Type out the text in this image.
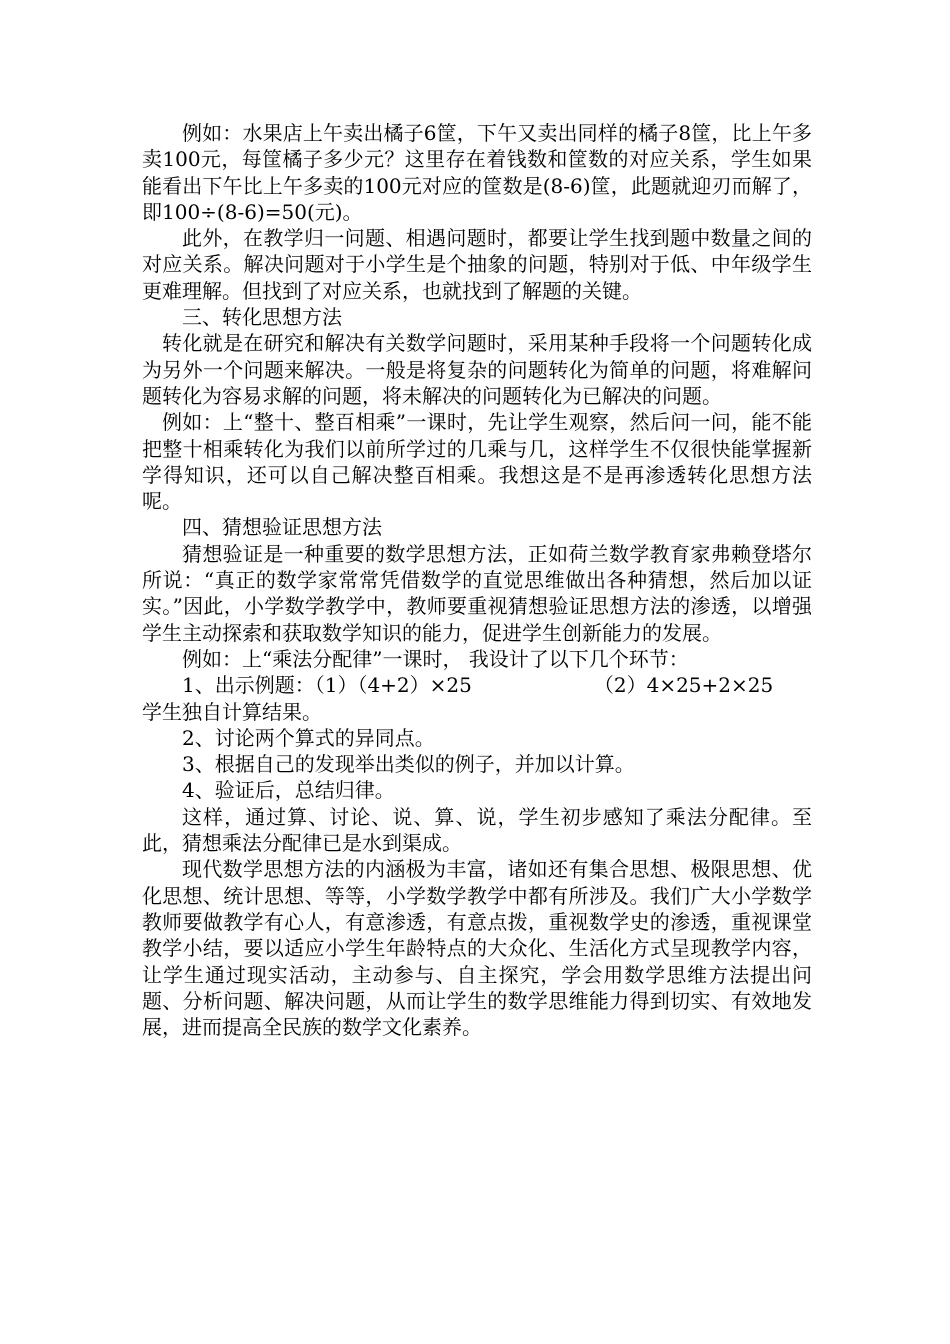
例如：水果店上午卖出橘子6筐，下午又卖出同样的橘子8筐，比上午多卖100元，每筐橘子多少元？这里存在着钱数和筐数的对应关系，学生如果能看出下午比上午多卖的100元对应的筐数是(8-6)筐，此题就迎刃而解了，即100÷(8-6)=50(元)。

此外，在教学归一问题、相遇问题时，都要让学生找到题中数量之间的对应关系。解决问题对于小学生是个抽象的问题，特别对于低、中年级学生更难理解。但找到了对应关系，也就找到了解题的关键。

三、转化思想方法

转化就是在研究和解决有关数学问题时，采用某种手段将一个问题转化成为另外一个问题来解决。一般是将复杂的问题转化为简单的问题，将难解问题转化为容易求解的问题，将未解决的问题转化为已解决的问题。

例如：上“整十、整百相乘”一课时，先让学生观察，然后问一问，能不能把整十相乘转化为我们以前所学过的几乘与几，这样学生不仅很快能掌握新学得知识，还可以自己解决整百相乘。我想这是不是再渗透转化思想方法呢。

四、猜想验证思想方法

猜想验证是一种重要的数学思想方法，正如荷兰数学教育家弗赖登塔尔所说：“真正的数学家常常凭借数学的直觉思维做出各种猜想，然后加以证实。”因此，小学数学教学中，教师要重视猜想验证思想方法的渗透，以增强学生主动探索和获取数学知识的能力，促进学生创新能力的发展。

例如：上“乘法分配律”一课时， 我设计了以下几个环节：

1、出示例题：（1）（4+2）×25	（2）4×25+2×25

学生独自计算结果。

2、讨论两个算式的异同点。

3、根据自己的发现举出类似的例子，并加以计算。

4、验证后，总结归律。

这样，通过算、讨论、说、算、说，学生初步感知了乘法分配律。至此，猜想乘法分配律已是水到渠成。

现代数学思想方法的内涵极为丰富，诸如还有集合思想、极限思想、优化思想、统计思想、等等，小学数学教学中都有所涉及。我们广大小学数学教师要做教学有心人，有意渗透，有意点拨，重视数学史的渗透，重视课堂教学小结，要以适应小学生年龄特点的大众化、生活化方式呈现教学内容，让学生通过现实活动，主动参与、自主探究，学会用数学思维方法提出问题、分析问题、解决问题，从而让学生的数学思维能力得到切实、有效地发展，进而提高全民族的数学文化素养。
